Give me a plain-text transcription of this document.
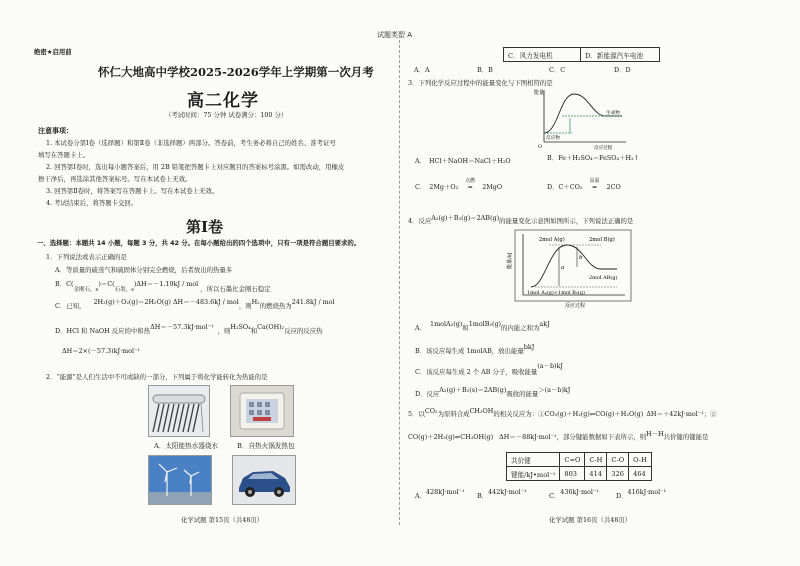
试题类型 A
绝密★启用前
怀仁大地高中学校2025-2026学年上学期第一次月考
高二化学
（考试时间：75 分钟 试卷满分：100 分）
注意事项：
1. 本试卷分第Ⅰ卷（选择题）和第Ⅱ卷（非选择题）两部分。答卷前，考生务必将自己的姓名、准考证号
填写在答题卡上。
2. 回答第Ⅰ卷时，选出每小题答案后，用 2B 铅笔把答题卡上对应题目的答案标号涂黑。如需改动，用橡皮
擦干净后，再选涂其他答案标号。写在本试卷上无效。
3. 回答第Ⅱ卷时，将答案写在答题卡上。写在本试卷上无效。
4. 考试结束后，将答题卡交回。
第Ⅰ卷
一、选择题：本题共 14 小题，每题 3 分，共 42 分。在每小题给出的四个选项中，只有一项是符合题目要求的。
1．下列说法或表示正确的是
A．等质量的硫蒸气和硫固体分别完全燃烧，后者放出的热量多
B．C(金刚石，s)＝C(石墨，s)ΔH＝－1.19kJ / mol，所以石墨比金刚石稳定
C．已知， 2H₂(g)＋O₂(g)＝2H₂O(g) ΔH＝－483.6kJ / mol，则H₂的燃烧热为241.8kJ / mol
D．HCl 和 NaOH 反应的中和热ΔH＝－57.3kJ·mol⁻¹ ，则H₂SO₄和Ca(OH)₂反应的反应热
ΔH＝2×(－57.3)kJ·mol⁻¹
2．“能源”是人们生活中不可或缺的一部分，下列属于将化学能转化为热能的是
A．太阳能热水器烧水	B．自热火锅发热包
化学试题 第15页（共48页）
C．风力发电机	D．新能源汽车电池
A．A	B．B	C．C	D．D
3．下列化学反应过程中的能量变化与下图相符的是
能量
反应物
生成物
反应过程
O
A． HCl＋NaOH＝NaCl＋H₂O	B．Fe＋H₂SO₄＝FeSO₄＋H₂↑
C． 2Mg＋O₂
点燃
═ 2MgO	D．C＋CO₂
高温
═ 2CO
4．反应A₂(g)＋B₂(g)＝2AB(g)的能量变化示意图如图所示，下列说法正确的是
能量/kJ
2mol A(g)	2mol B(g)
1mol A₂(g)+1mol B₂(g)
2mol AB(g)
a
b
反应过程
A． 1molA₂(g)和1molB₂(g)的内能之和为akJ
B．该反应每生成 1molAB，放出能量bkJ
C．该反应每生成 2 个 AB 分子，吸收能量(a－b)kJ
D．反应A₂(g)＋B₂(s)＝2AB(g)吸收的能量＞(a－b)kJ
5．以CO₂为原料合成CH₃OH的相关反应为：①CO₂(g)＋H₂(g)⇌CO(g)＋H₂O(g) ΔH＝＋42kJ·mol⁻¹；②
CO(g)＋2H₂(g)⇌CH₃OH(g) ΔH＝－88kJ·mol⁻¹，部分键能数据如下表所示，则H－H共价键的键能是
共价键	C=O	C-H	C-O	O-H
键能/kJ•mol⁻¹	803	414	326	464
A．428kJ·mol⁻¹ B．442kJ·mol⁻¹	C．436kJ·mol⁻¹	D．416kJ·mol⁻¹
化学试题 第16页（共48页）
